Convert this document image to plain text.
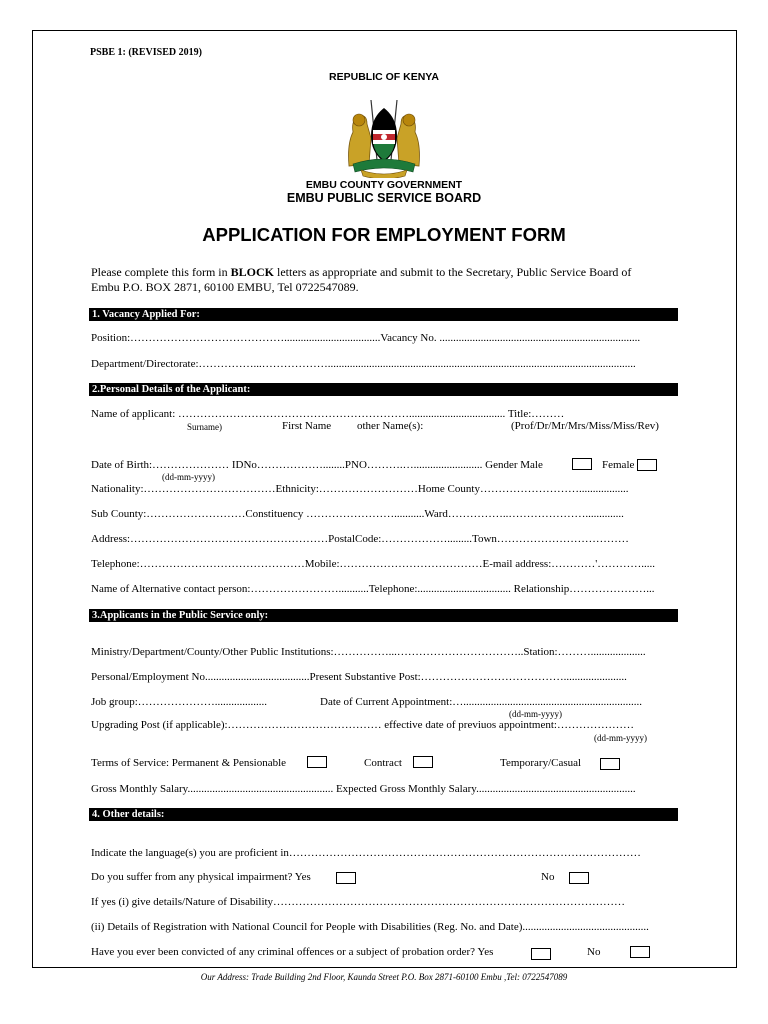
PSBE 1: (REVISED 2019)
REPUBLIC OF KENYA
EMBU COUNTY GOVERNMENT
EMBU PUBLIC SERVICE BOARD
APPLICATION FOR EMPLOYMENT FORM
Please complete this form in BLOCK letters as appropriate and submit to the Secretary, Public Service Board of
Embu P.O. BOX 2871, 60100 EMBU, Tel 0722547089.
1. Vacancy Applied For:
Position:……………………………………...................................Vacancy No. .........................................................................
Department/Directorate:……………...………………................................................................................................................
2.Personal Details of the Applicant:
Name of applicant: ………………………………………………………................................... Title:………
Surname)	First Name other Name(s):	(Prof/Dr/Mr/Mrs/Miss/Miss/Rev)
Date of Birth:………………… IDNo………………........PNO……….…......................... Gender Male	Female
(dd-mm-yyyy)
Nationality:………………………………Ethnicity:………………………Home County………………………..................
Sub County:………………………Constituency ……………………...........Ward……………..…………………..............
Address:………………………………………………PostalCode:……………….........Town………………………………
Telephone:………………………………………Mobile:…………………………………E-mail address:…………'………….....
Name of Alternative contact person:……………………...........Telephone:.................................. Relationship…………………...
3.Applicants in the Public Service only:
Ministry/Department/County/Other Public Institutions:……………...……………………………..Station:………....................
Personal/Employment No......................................Present Substantive Post:………………………………….......................
Job group:…………………...................	Date of Current Appointment:….................................................................
(dd-mm-yyyy)
Upgrading Post (if applicable):…………………………………… effective date of previuos appointment:…………………
(dd-mm-yyyy)
Terms of Service: Permanent & Pensionable	Contract	Temporary/Casual
Gross Monthly Salary..................................................... Expected Gross Monthly Salary..........................................................
4. Other details:
Indicate the language(s) you are proficient in……………………………………………………………………………………
Do you suffer from any physical impairment? Yes	No
If yes (i) give details/Nature of Disability……………………………………………………………………………………
(ii) Details of Registration with National Council for People with Disabilities (Reg. No. and Date)..............................................
Have you ever been convicted of any criminal offences or a subject of probation order? Yes	No
Our Address: Trade Building 2nd Floor, Kaunda Street P.O. Box 2871-60100 Embu ,Tel: 0722547089
